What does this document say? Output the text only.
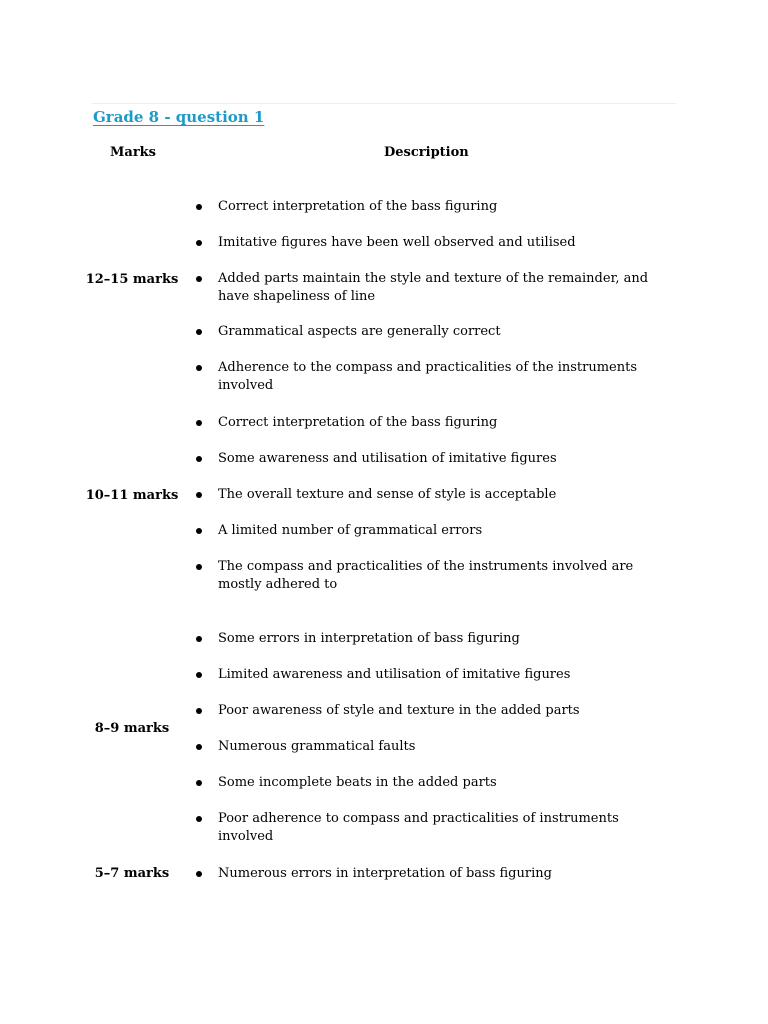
Grade 8 - question 1
Marks	Description
12–15 marks
Correct interpretation of the bass figuring
Imitative figures have been well observed and utilised
Added parts maintain the style and texture of the remainder, and have shapeliness of line
Grammatical aspects are generally correct
Adherence to the compass and practicalities of the instruments involved
10–11 marks
Correct interpretation of the bass figuring
Some awareness and utilisation of imitative figures
The overall texture and sense of style is acceptable
A limited number of grammatical errors
The compass and practicalities of the instruments involved are mostly adhered to
8–9 marks
Some errors in interpretation of bass figuring
Limited awareness and utilisation of imitative figures
Poor awareness of style and texture in the added parts
Numerous grammatical faults
Some incomplete beats in the added parts
Poor adherence to compass and practicalities of instruments involved
5–7 marks	Numerous errors in interpretation of bass figuring
